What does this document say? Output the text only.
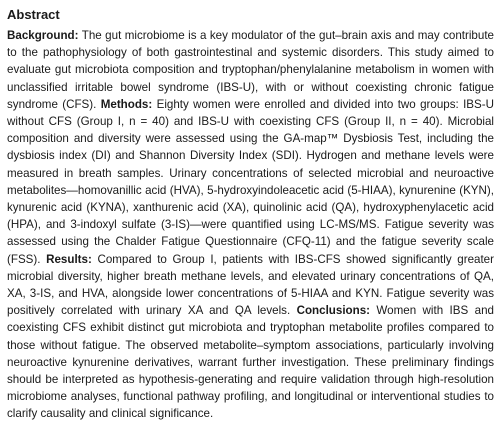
Abstract

Background: The gut microbiome is a key modulator of the gut–brain axis and may contribute to the pathophysiology of both gastrointestinal and systemic disorders. This study aimed to evaluate gut microbiota composition and tryptophan/phenylalanine metabolism in women with unclassified irritable bowel syndrome (IBS-U), with or without coexisting chronic fatigue syndrome (CFS). Methods: Eighty women were enrolled and divided into two groups: IBS-U without CFS (Group I, n = 40) and IBS-U with coexisting CFS (Group II, n = 40). Microbial composition and diversity were assessed using the GA-map™ Dysbiosis Test, including the dysbiosis index (DI) and Shannon Diversity Index (SDI). Hydrogen and methane levels were measured in breath samples. Urinary concentrations of selected microbial and neuroactive metabolites—homovanillic acid (HVA), 5-hydroxyindoleacetic acid (5-HIAA), kynurenine (KYN), kynurenic acid (KYNA), xanthurenic acid (XA), quinolinic acid (QA), hydroxyphenylacetic acid (HPA), and 3-indoxyl sulfate (3-IS)—were quantified using LC-MS/MS. Fatigue severity was assessed using the Chalder Fatigue Questionnaire (CFQ-11) and the fatigue severity scale (FSS). Results: Compared to Group I, patients with IBS-CFS showed significantly greater microbial diversity, higher breath methane levels, and elevated urinary concentrations of QA, XA, 3-IS, and HVA, alongside lower concentrations of 5-HIAA and KYN. Fatigue severity was positively correlated with urinary XA and QA levels. Conclusions: Women with IBS and coexisting CFS exhibit distinct gut microbiota and tryptophan metabolite profiles compared to those without fatigue. The observed metabolite–symptom associations, particularly involving neuroactive kynurenine derivatives, warrant further investigation. These preliminary findings should be interpreted as hypothesis-generating and require validation through high-resolution microbiome analyses, functional pathway profiling, and longitudinal or interventional studies to clarify causality and clinical significance.
